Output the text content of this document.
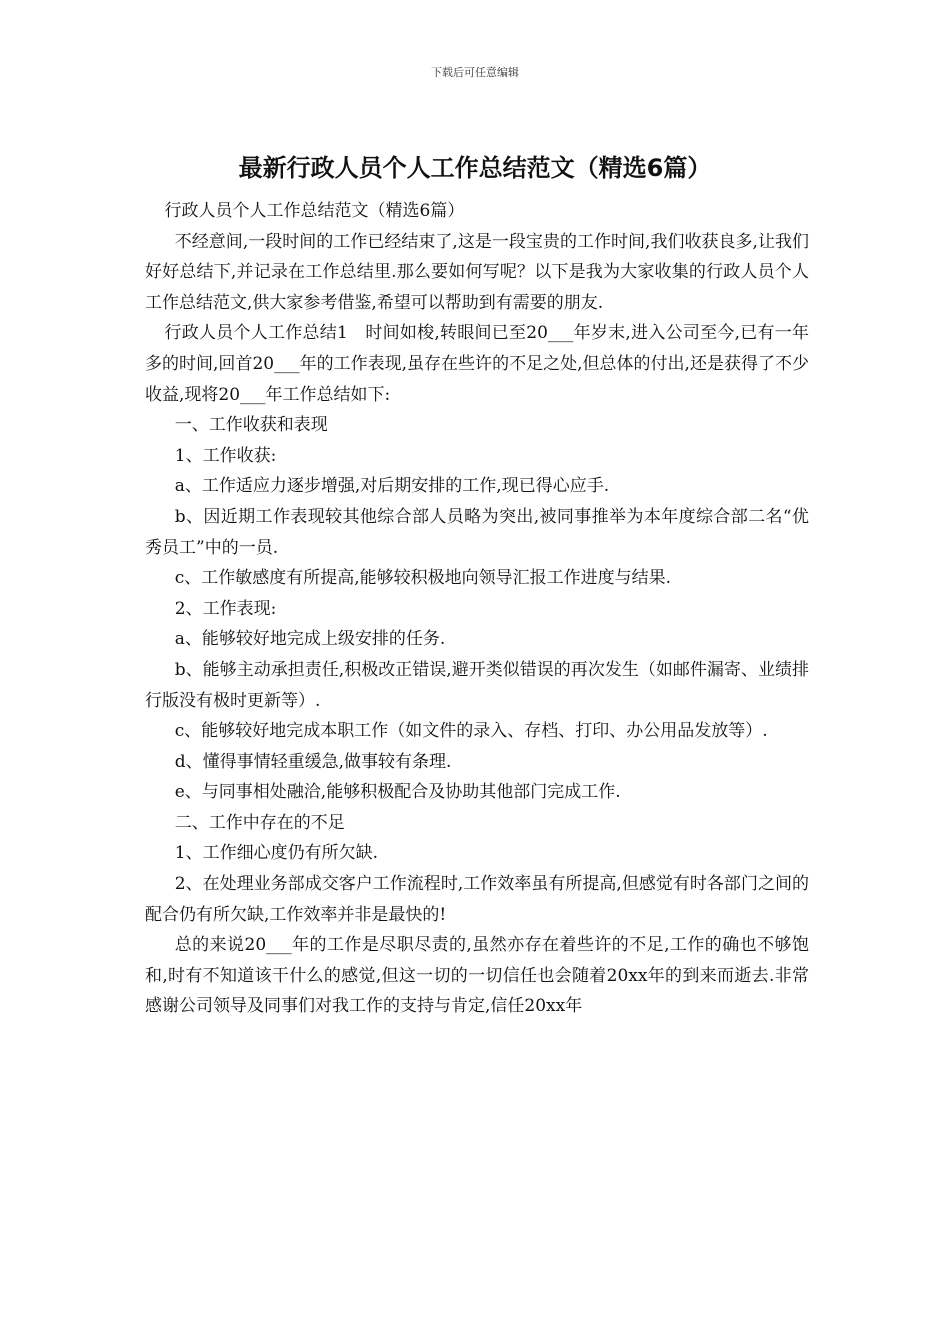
下载后可任意编辑
最新行政人员个人工作总结范文（精选6篇）

行政人员个人工作总结范文（精选6篇）

不经意间,一段时间的工作已经结束了,这是一段宝贵的工作时间,我们收获良多,让我们好好总结下,并记录在工作总结里.那么要如何写呢？以下是我为大家收集的行政人员个人工作总结范文,供大家参考借鉴,希望可以帮助到有需要的朋友.

行政人员个人工作总结1　时间如梭,转眼间已至20___年岁末,进入公司至今,已有一年多的时间,回首20___年的工作表现,虽存在些许的不足之处,但总体的付出,还是获得了不少收益,现将20___年工作总结如下:

一、工作收获和表现

1、工作收获:

a、工作适应力逐步增强,对后期安排的工作,现已得心应手.

b、因近期工作表现较其他综合部人员略为突出,被同事推举为本年度综合部二名“优秀员工”中的一员.

c、工作敏感度有所提高,能够较积极地向领导汇报工作进度与结果.

2、工作表现:

a、能够较好地完成上级安排的任务.

b、能够主动承担责任,积极改正错误,避开类似错误的再次发生（如邮件漏寄、业绩排行版没有极时更新等）.

c、能够较好地完成本职工作（如文件的录入、存档、打印、办公用品发放等）.

d、懂得事情轻重缓急,做事较有条理.

e、与同事相处融洽,能够积极配合及协助其他部门完成工作.

二、工作中存在的不足

1、工作细心度仍有所欠缺.

2、在处理业务部成交客户工作流程时,工作效率虽有所提高,但感觉有时各部门之间的配合仍有所欠缺,工作效率并非是最快的!

总的来说20___年的工作是尽职尽责的,虽然亦存在着些许的不足,工作的确也不够饱和,时有不知道该干什么的感觉,但这一切的一切信任也会随着20xx年的到来而逝去.非常感谢公司领导及同事们对我工作的支持与肯定,信任20xx年
